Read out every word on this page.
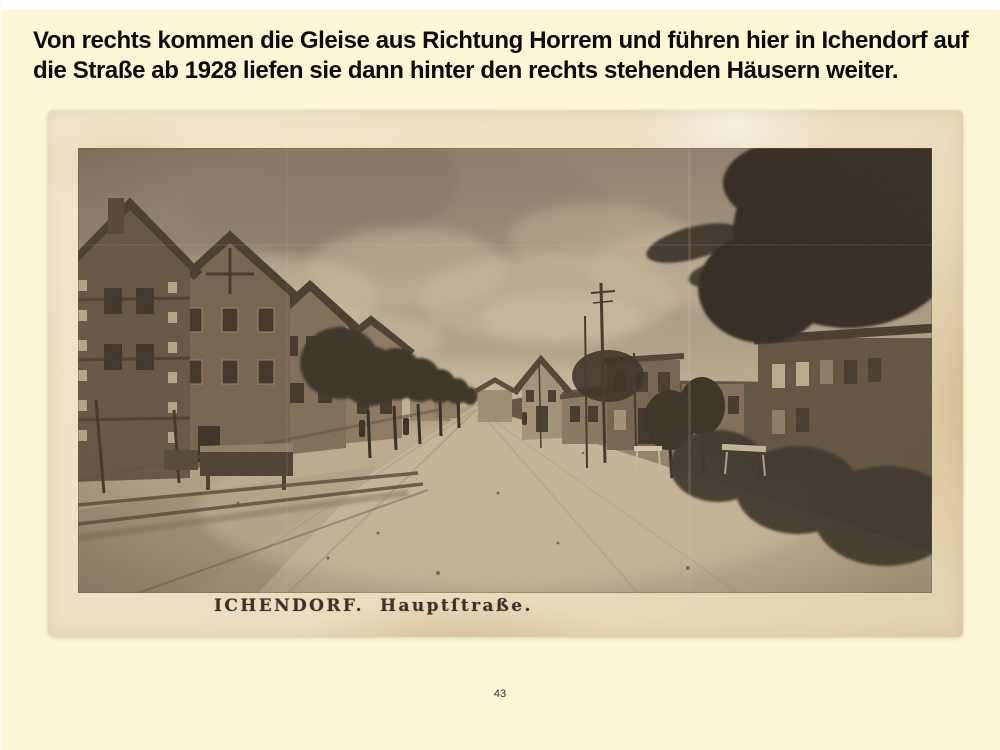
Von rechts kommen die Gleise aus Richtung Horrem und führen hier in Ichendorf auf
die Straße ab 1928 liefen sie dann hinter den rechts stehenden Häusern weiter.
ICHENDORF. Hauptſtraße.
43
